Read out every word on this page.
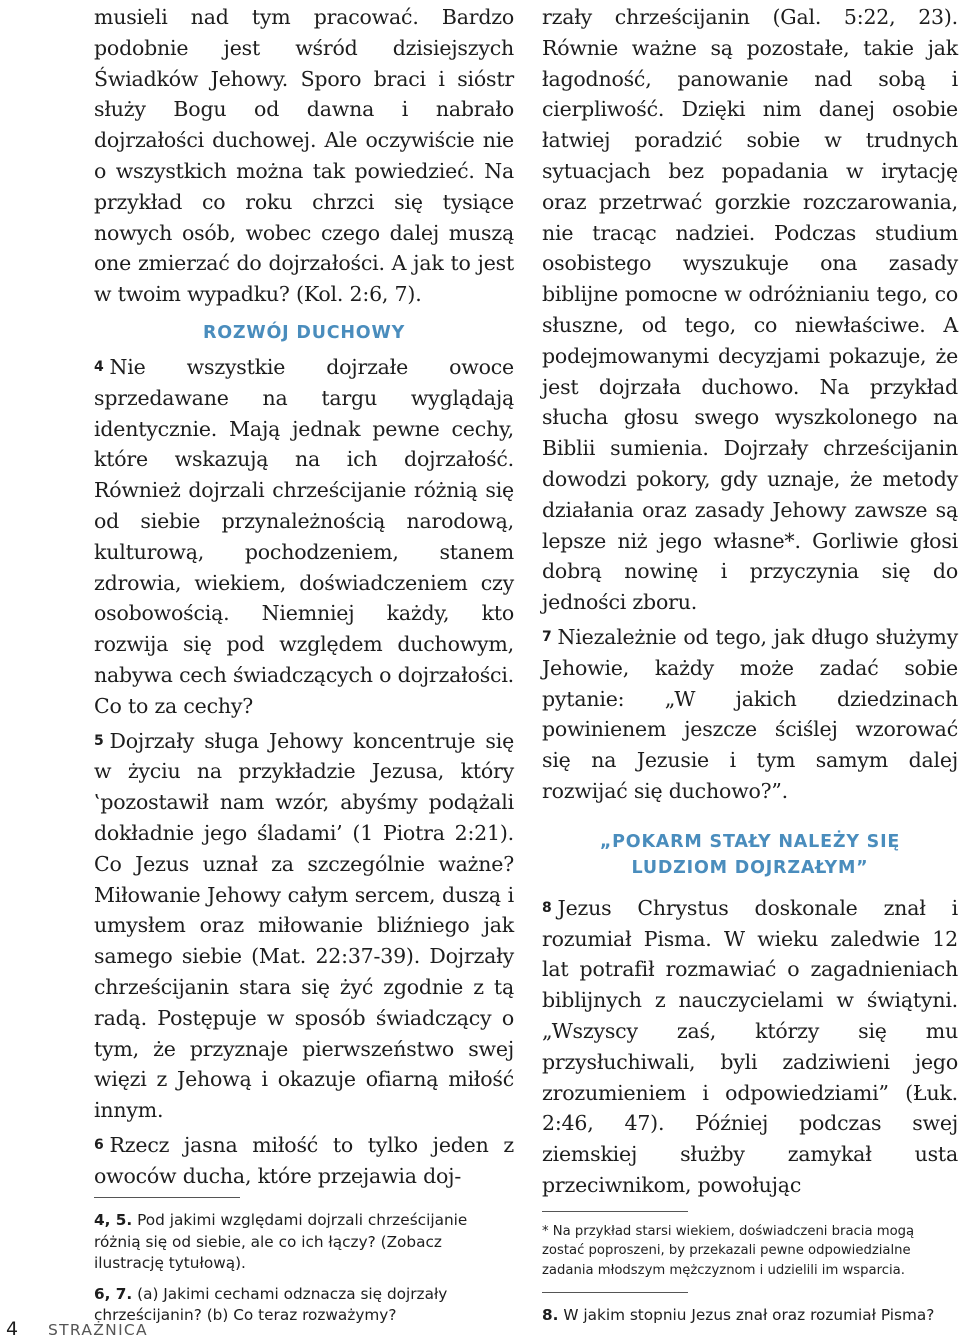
musieli nad tym pracować. Bardzo podobnie jest wśród dzisiejszych Świadków Jehowy. Sporo braci i sióstr służy Bogu od dawna i nabrało dojrzałości duchowej. Ale oczywiście nie o wszystkich można tak powiedzieć. Na przykład co roku chrzci się tysiące nowych osób, wobec czego dalej muszą one zmierzać do dojrzałości. A jak to jest w twoim wypadku? (Kol. 2:6, 7).

ROZWÓJ DUCHOWY

4 Nie wszystkie dojrzałe owoce sprzedawane na targu wyglądają identycznie. Mają jednak pewne cechy, które wskazują na ich dojrzałość. Również dojrzali chrześcijanie różnią się od siebie przynależnością narodową, kulturową, pochodzeniem, stanem zdrowia, wiekiem, doświadczeniem czy osobowością. Niemniej każdy, kto rozwija się pod względem duchowym, nabywa cech świadczących o dojrzałości. Co to za cechy?

5 Dojrzały sługa Jehowy koncentruje się w życiu na przykładzie Jezusa, który ‛pozostawił nam wzór, abyśmy podążali dokładnie jego śladami’ (1 Piotra 2:21). Co Jezus uznał za szczególnie ważne? Miłowanie Jehowy całym sercem, duszą i umysłem oraz miłowanie bliźniego jak samego siebie (Mat. 22:37-39). Dojrzały chrześcijanin stara się żyć zgodnie z tą radą. Postępuje w sposób świadczący o tym, że przyznaje pierwszeństwo swej więzi z Jehową i okazuje ofiarną miłość innym.

6 Rzecz jasna miłość to tylko jeden z owoców ducha, które przejawia doj-

4, 5. Pod jakimi względami dojrzali chrześcijanie różnią się od siebie, ale co ich łączy? (Zobacz ilustrację tytułową).

6, 7. (a) Jakimi cechami odznacza się dojrzały chrześcijanin? (b) Co teraz rozważymy?

rzały chrześcijanin (Gal. 5:22, 23). Równie ważne są pozostałe, takie jak łagodność, panowanie nad sobą i cierpliwość. Dzięki nim danej osobie łatwiej poradzić sobie w trudnych sytuacjach bez popadania w irytację oraz przetrwać gorzkie rozczarowania, nie tracąc nadziei. Podczas studium osobistego wyszukuje ona zasady biblijne pomocne w odróżnianiu tego, co słuszne, od tego, co niewłaściwe. A podejmowanymi decyzjami pokazuje, że jest dojrzała duchowo. Na przykład słucha głosu swego wyszkolonego na Biblii sumienia. Dojrzały chrześcijanin dowodzi pokory, gdy uznaje, że metody działania oraz zasady Jehowy zawsze są lepsze niż jego własne*. Gorliwie głosi dobrą nowinę i przyczynia się do jedności zboru.

7 Niezależnie od tego, jak długo służymy Jehowie, każdy może zadać sobie pytanie: „W jakich dziedzinach powinienem jeszcze ściślej wzorować się na Jezusie i tym samym dalej rozwijać się duchowo?”.

„POKARM STAŁY NALEŻY SIĘ
LUDZIOM DOJRZAŁYM”

8 Jezus Chrystus doskonale znał i rozumiał Pisma. W wieku zaledwie 12 lat potrafił rozmawiać o zagadnieniach biblijnych z nauczycielami w świątyni. „Wszyscy zaś, którzy się mu przysłuchiwali, byli zadziwieni jego zrozumieniem i odpowiedziami” (Łuk. 2:46, 47). Później podczas swej ziemskiej służby zamykał usta przeciwnikom, powołując

* Na przykład starsi wiekiem, doświadczeni bracia mogą zostać poproszeni, by przekazali pewne odpowiedzialne zadania młodszym mężczyznom i udzielili im wsparcia.

8. W jakim stopniu Jezus znał oraz rozumiał Pisma?

4 STRAŻNICA
